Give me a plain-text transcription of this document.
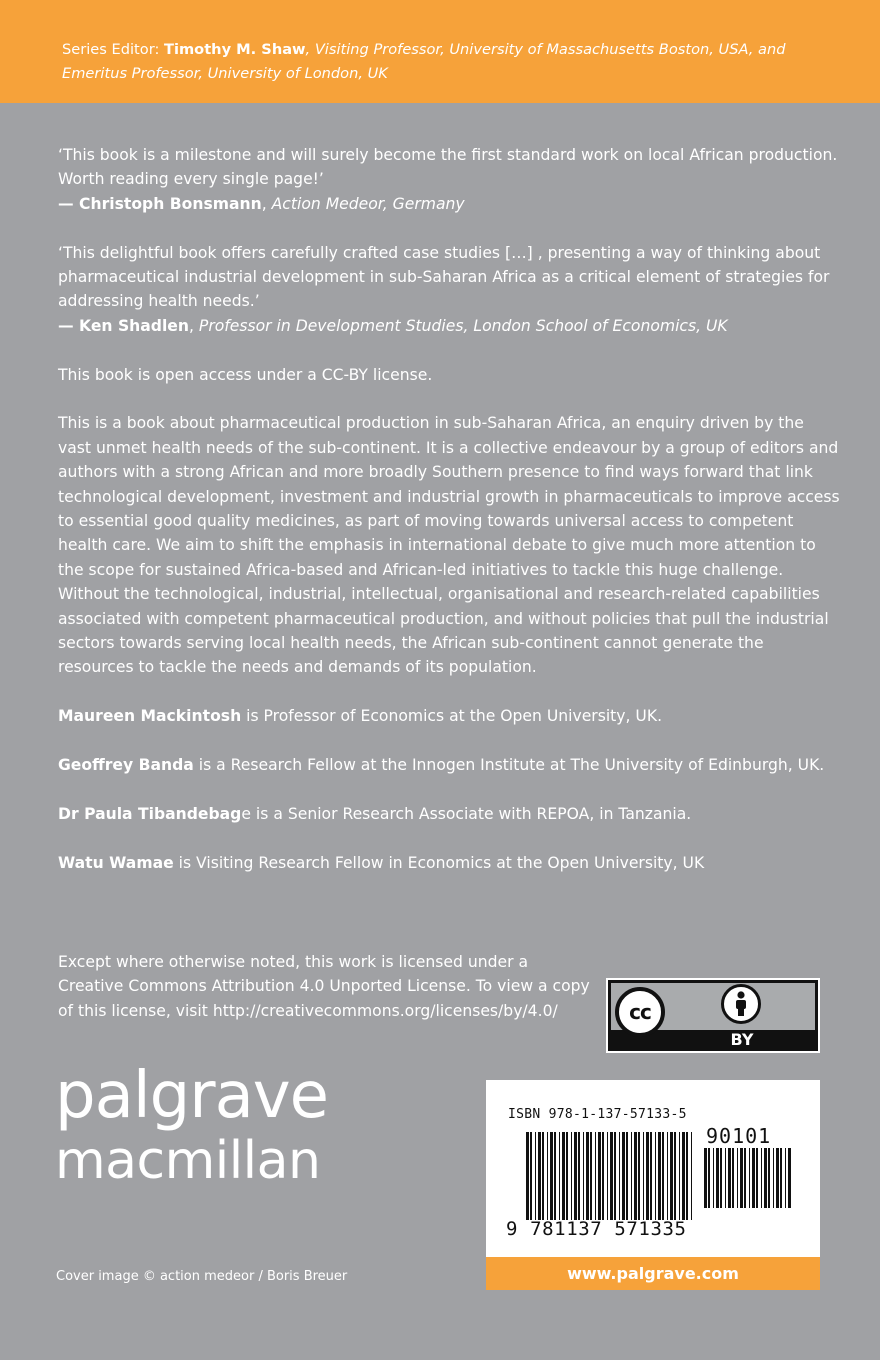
Series Editor: Timothy M. Shaw, Visiting Professor, University of Massachusetts Boston, USA, and Emeritus Professor, University of London, UK

‘This book is a milestone and will surely become the first standard work on local African production. Worth reading every single page!’
— Christoph Bonsmann, Action Medeor, Germany

‘This delightful book offers carefully crafted case studies […] , presenting a way of thinking about pharmaceutical industrial development in sub-Saharan Africa as a critical element of strategies for addressing health needs.’
— Ken Shadlen, Professor in Development Studies, London School of Economics, UK

This book is open access under a CC-BY license.

This is a book about pharmaceutical production in sub-Saharan Africa, an enquiry driven by the vast unmet health needs of the sub-continent. It is a collective endeavour by a group of editors and authors with a strong African and more broadly Southern presence to find ways forward that link technological development, investment and industrial growth in pharmaceuticals to improve access to essential good quality medicines, as part of moving towards universal access to competent health care. We aim to shift the emphasis in international debate to give much more attention to the scope for sustained Africa-based and African-led initiatives to tackle this huge challenge. Without the technological, industrial, intellectual, organisational and research-related capabilities associated with competent pharmaceutical production, and without policies that pull the industrial sectors towards serving local health needs, the African sub-continent cannot generate the resources to tackle the needs and demands of its population.

Maureen Mackintosh is Professor of Economics at the Open University, UK.

Geoffrey Banda is a Research Fellow at the Innogen Institute at The University of Edinburgh, UK.

Dr Paula Tibandebage is a Senior Research Associate with REPOA, in Tanzania.

Watu Wamae is Visiting Research Fellow in Economics at the Open University, UK

Except where otherwise noted, this work is licensed under a Creative Commons Attribution 4.0 Unported License. To view a copy of this license, visit http://creativecommons.org/licenses/by/4.0/	cc
BY
palgrave
macmillan
Cover image © action medeor / Boris Breuer
ISBN 978-1-137-57133-5
90101
9 781137 571335
www.palgrave.com
